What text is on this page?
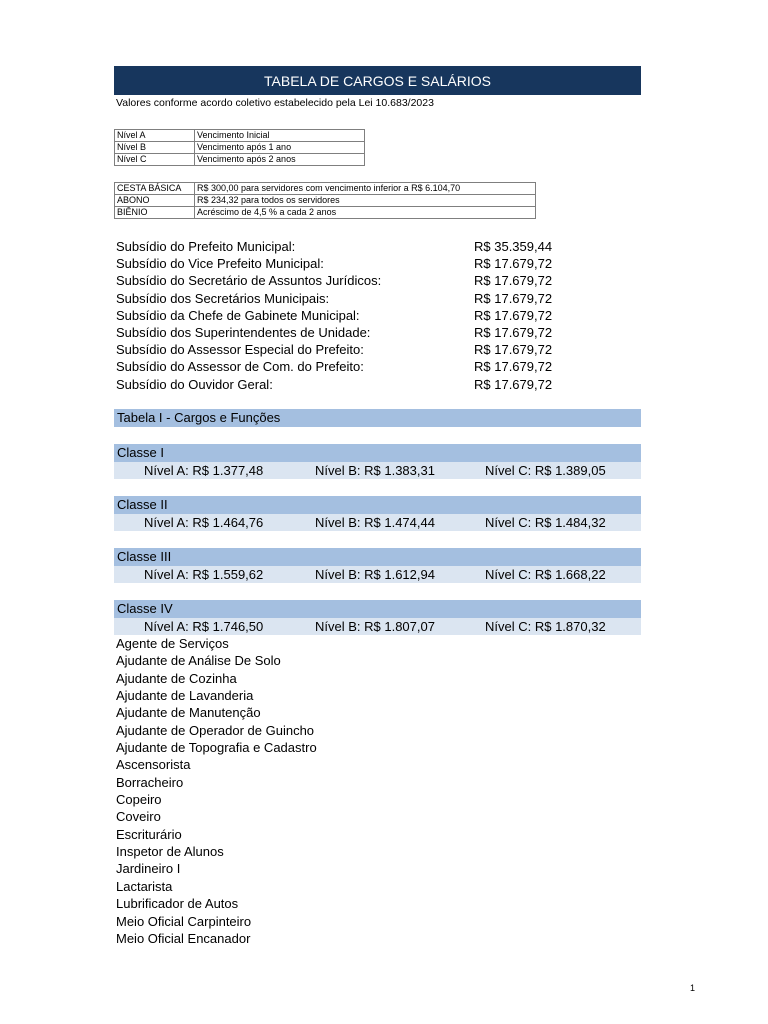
TABELA DE CARGOS E SALÁRIOS
Valores conforme acordo coletivo estabelecido pela Lei 10.683/2023
Nível A	Vencimento Inicial
Nível B	Vencimento após 1 ano
Nível C	Vencimento após 2 anos
CESTA BÁSICA	R$ 300,00 para servidores com vencimento inferior a R$ 6.104,70
ABONO	R$ 234,32 para todos os servidores
BIÊNIO	Acréscimo de 4,5 % a cada 2 anos
Subsídio do Prefeito Municipal:	R$ 35.359,44
Subsídio do Vice Prefeito Municipal:	R$ 17.679,72
Subsídio do Secretário de Assuntos Jurídicos:	R$ 17.679,72
Subsídio dos Secretários Municipais:	R$ 17.679,72
Subsídio da Chefe de Gabinete Municipal:	R$ 17.679,72
Subsídio dos Superintendentes de Unidade:	R$ 17.679,72
Subsídio do Assessor Especial do Prefeito:	R$ 17.679,72
Subsídio do Assessor de Com. do Prefeito:	R$ 17.679,72
Subsídio do Ouvidor Geral:	R$ 17.679,72
Tabela I - Cargos e Funções
Classe I
Nível A: R$ 1.377,48	Nível B: R$ 1.383,31	Nível C: R$ 1.389,05
Classe II
Nível A: R$ 1.464,76	Nível B: R$ 1.474,44	Nível C: R$ 1.484,32
Classe III
Nível A: R$ 1.559,62	Nível B: R$ 1.612,94	Nível C: R$ 1.668,22
Classe IV
Nível A: R$ 1.746,50	Nível B: R$ 1.807,07	Nível C: R$ 1.870,32
Agente de Serviços
Ajudante de Análise De Solo
Ajudante de Cozinha
Ajudante de Lavanderia
Ajudante de Manutenção
Ajudante de Operador de Guincho
Ajudante de Topografia e Cadastro
Ascensorista
Borracheiro
Copeiro
Coveiro
Escriturário
Inspetor de Alunos
Jardineiro I
Lactarista
Lubrificador de Autos
Meio Oficial Carpinteiro
Meio Oficial Encanador
1
